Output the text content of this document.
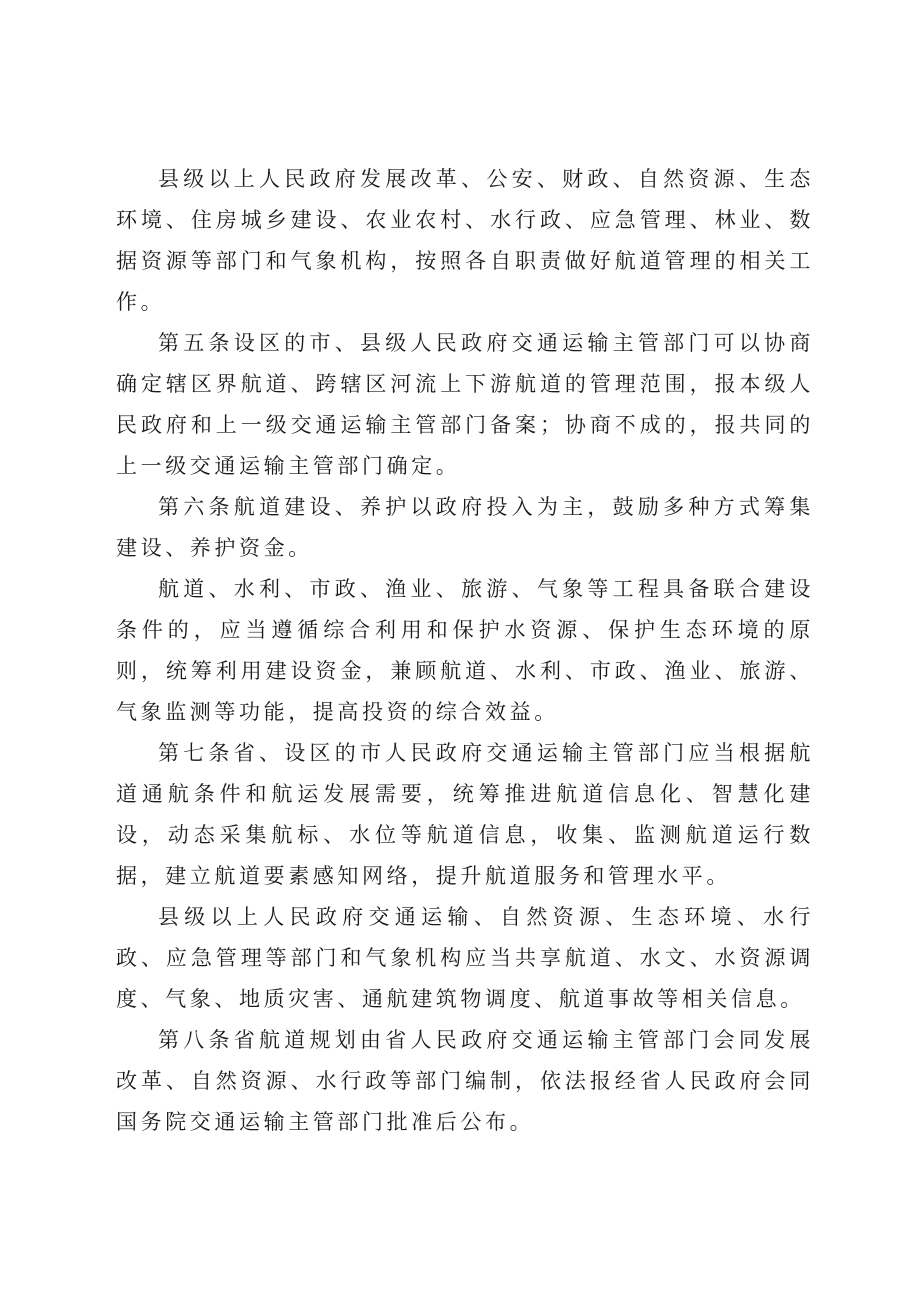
县级以上人民政府发展改革、公安、财政、自然资源、生态环境、住房城乡建设、农业农村、水行政、应急管理、林业、数据资源等部门和气象机构，按照各自职责做好航道管理的相关工作。

第五条设区的市、县级人民政府交通运输主管部门可以协商确定辖区界航道、跨辖区河流上下游航道的管理范围，报本级人民政府和上一级交通运输主管部门备案；协商不成的，报共同的上一级交通运输主管部门确定。

第六条航道建设、养护以政府投入为主，鼓励多种方式筹集建设、养护资金。

航道、水利、市政、渔业、旅游、气象等工程具备联合建设条件的，应当遵循综合利用和保护水资源、保护生态环境的原则，统筹利用建设资金，兼顾航道、水利、市政、渔业、旅游、气象监测等功能，提高投资的综合效益。

第七条省、设区的市人民政府交通运输主管部门应当根据航道通航条件和航运发展需要，统筹推进航道信息化、智慧化建设，动态采集航标、水位等航道信息，收集、监测航道运行数据，建立航道要素感知网络，提升航道服务和管理水平。

县级以上人民政府交通运输、自然资源、生态环境、水行政、应急管理等部门和气象机构应当共享航道、水文、水资源调度、气象、地质灾害、通航建筑物调度、航道事故等相关信息。

第八条省航道规划由省人民政府交通运输主管部门会同发展改革、自然资源、水行政等部门编制，依法报经省人民政府会同国务院交通运输主管部门批准后公布。
